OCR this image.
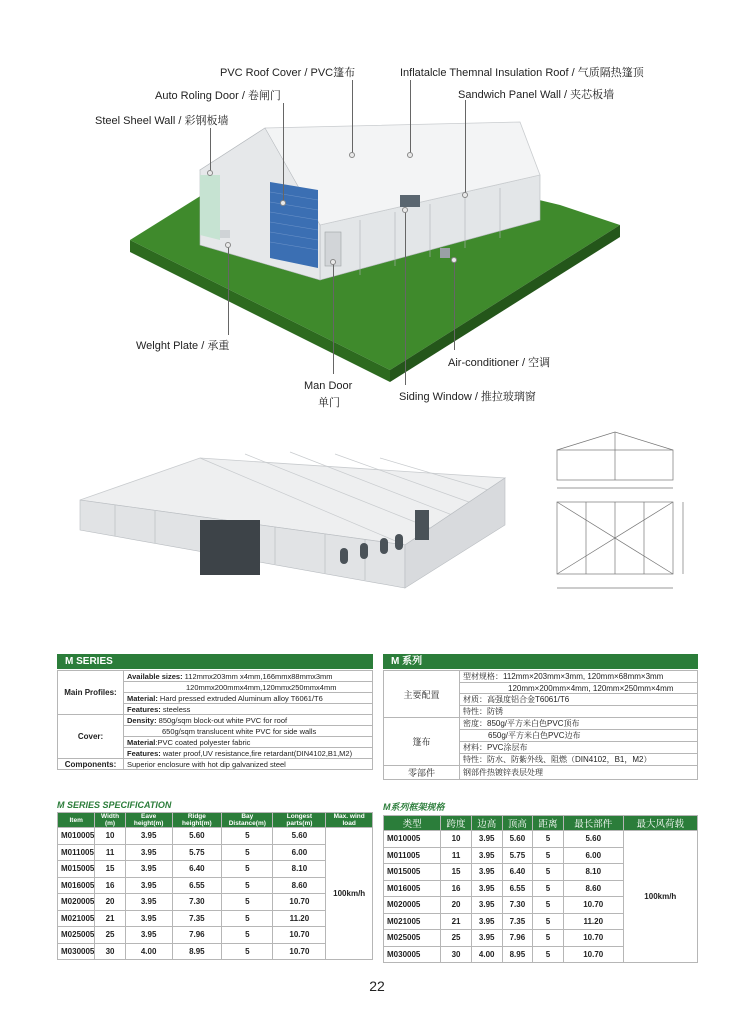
PVC Roof Cover / PVC篷布	Inflatalcle Themnal Insulation Roof / 气质隔热篷顶
Auto Roling Door / 卷闸门	Sandwich Panel Wall / 夹芯板墙
Steel Sheel Wall / 彩钢板墙
Welght Plate / 承重
Air-conditioner / 空调
Man Door
单门	Siding Window / 推拉玻璃窗
M SERIES
Main Profiles:	Available sizes: 112mmx203mm x4mm,166mmx88mmx3mm
	120mmx200mmx4mm,120mmx250mmx4mm
	Material: Hard pressed extruded Aluminum alloy T6061/T6
	Features: steeless
Cover:	Density: 850g/sqm block-out white PVC for roof
	650g/sqm translucent white PVC for side walls
	Material:PVC coated polyester fabric
	Features: water proof,UV resistance,fire retardant(DIN4102,B1,M2)
Components:	Superior enclosure with hot dip galvanized steel
M 系列
主要配置	型材规格：112mm×203mm×3mm, 120mm×68mm×3mm
	120mm×200mm×4mm, 120mm×250mm×4mm
	材质：高强度铝合金T6061/T6
	特性：防锈
篷布	密度：850g/平方米白色PVC顶布
	650g/平方米白色PVC边布
	材料：PVC涂层布
	特性：防水、防紫外线、阻燃（DIN4102，B1，M2）
零部件	钢部件热镀锌表层处理
M SERIES SPECIFICATION
Item	Width (m)	Eave height(m)	Ridge height(m)	Bay Distance(m)	Longest parts(m)	Max. wind load
M010005	10	3.95	5.60	5	5.60	100km/h
M011005	11	3.95	5.75	5	6.00	
M015005	15	3.95	6.40	5	8.10	
M016005	16	3.95	6.55	5	8.60	
M020005	20	3.95	7.30	5	10.70	
M021005	21	3.95	7.35	5	11.20	
M025005	25	3.95	7.96	5	10.70	
M030005	30	4.00	8.95	5	10.70	
M系列框架规格
类型	跨度	边高	顶高	距离	最长部件	最大风荷载
M010005	10	3.95	5.60	5	5.60	100km/h
M011005	11	3.95	5.75	5	6.00	
M015005	15	3.95	6.40	5	8.10	
M016005	16	3.95	6.55	5	8.60	
M020005	20	3.95	7.30	5	10.70	
M021005	21	3.95	7.35	5	11.20	
M025005	25	3.95	7.96	5	10.70	
M030005	30	4.00	8.95	5	10.70	
22
